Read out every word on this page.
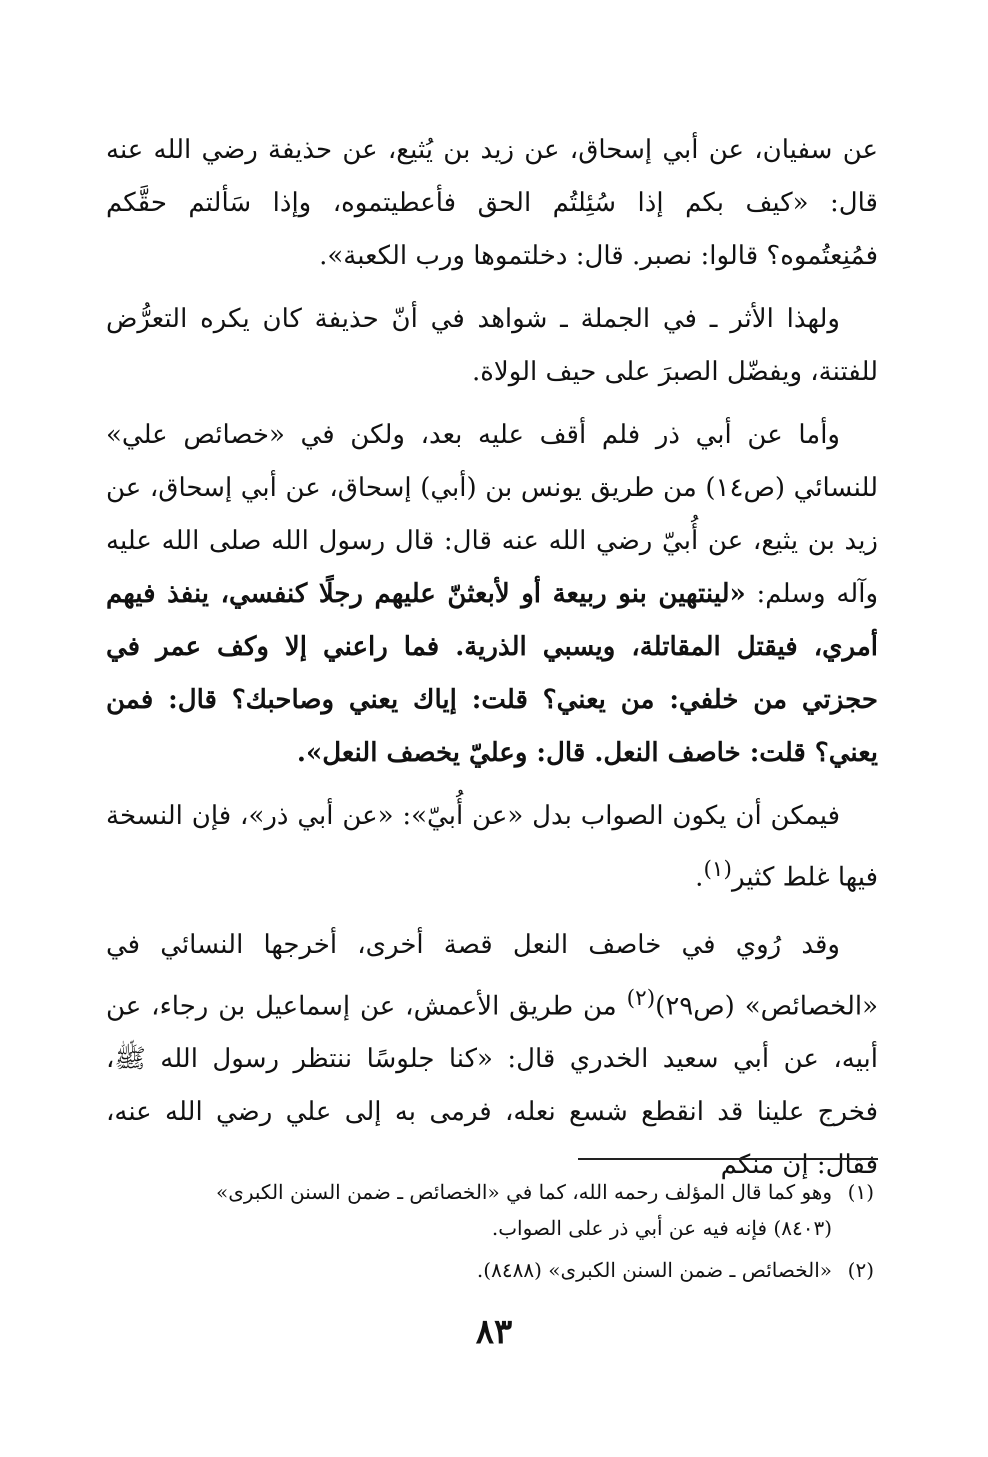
عن سفيان، عن أبي إسحاق، عن زيد بن يُثيع، عن حذيفة رضي الله عنه قال: «كيف بكم إذا سُئِلتُم الحق فأعطيتموه، وإذا سَألتم حقَّكم فمُنِعتُموه؟ قالوا: نصبر. قال: دخلتموها ورب الكعبة».

ولهذا الأثر ـ في الجملة ـ شواهد في أنّ حذيفة كان يكره التعرُّض للفتنة، ويفضّل الصبرَ على حيف الولاة.

وأما عن أبي ذر فلم أقف عليه بعد، ولكن في «خصائص علي» للنسائي (ص١٤) من طريق يونس بن (أبي) إسحاق، عن أبي إسحاق، عن زيد بن يثيع، عن أُبيّ رضي الله عنه قال: قال رسول الله صلى الله عليه وآله وسلم: «لينتهين بنو ربيعة أو لأبعثنّ عليهم رجلًا كنفسي، ينفذ فيهم أمري، فيقتل المقاتلة، ويسبي الذرية. فما راعني إلا وكف عمر في حجزتي من خلفي: من يعني؟ قلت: إياك يعني وصاحبك؟ قال: فمن يعني؟ قلت: خاصف النعل. قال: وعليّ يخصف النعل».

فيمكن أن يكون الصواب بدل «عن أُبيّ»: «عن أبي ذر»، فإن النسخة فيها غلط كثير$^{(١)}$.

وقد رُوي في خاصف النعل قصة أخرى، أخرجها النسائي في «الخصائص» (ص٢٩)$^{(٢)}$ من طريق الأعمش، عن إسماعيل بن رجاء، عن أبيه، عن أبي سعيد الخدري قال: «كنا جلوسًا ننتظر رسول الله ﷺ، فخرج علينا قد انقطع شسع نعله، فرمى به إلى علي رضي الله عنه، فقال: إن منكم

(١)وهو كما قال المؤلف رحمه الله، كما في «الخصائص ـ ضمن السنن الكبرى»
(٨٤٠٣) فإنه فيه عن أبي ذر على الصواب.
(٢)«الخصائص ـ ضمن السنن الكبرى» (٨٤٨٨).
٨٣
